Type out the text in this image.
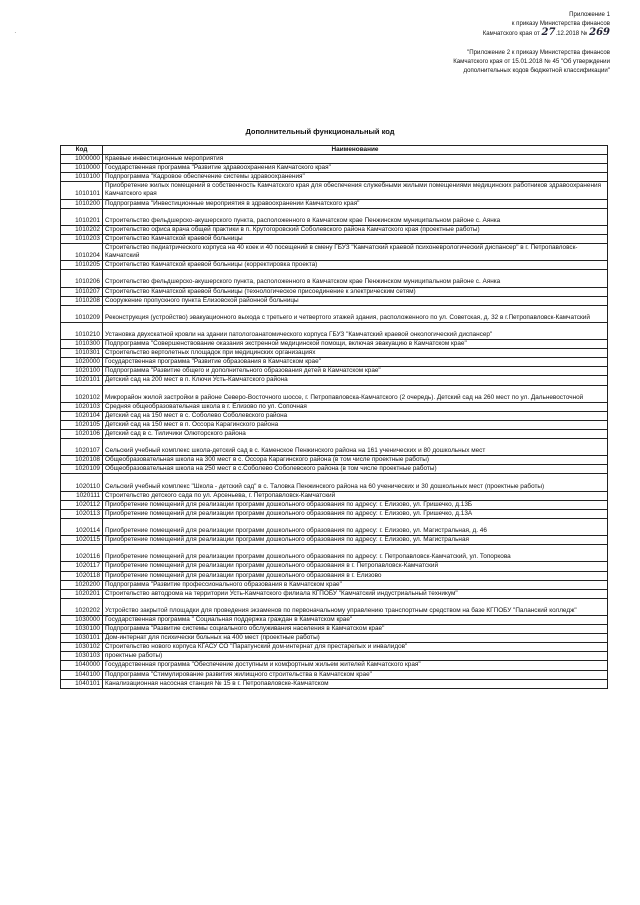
·
Приложение 1
к приказу Министерства финансов
Камчатского края от 27.12.2018 № 269
"Приложение 2 к приказу Министерства финансов
Камчатского края от 15.01.2018 № 45 "Об утверждении
дополнительных кодов бюджетной классификации"
Дополнительный функциональный код
Код	Наименование
1000000	Краевые инвестиционные мероприятия
1010000	Государственная программа "Развитие здравоохранения Камчатского края"
1010100	Подпрограмма "Кадровое обеспечение системы здравоохранения"
1010101	Приобретение жилых помещений в собственность Камчатского края для обеспечения служебными жилыми помещениями медицинских работников здравоохранения Камчатского края
1010200	Подпрограмма "Инвестиционные мероприятия в здравоохранении Камчатского края"
1010201	Строительство фельдшерско-акушерского пункта, расположенного в Камчатском крае Пенжинском муниципальном районе с. Аянка
1010202	Строительство офиса врача общей практики в п. Крутогоровский Соболевского района Камчатского края (проектные работы)
1010203	Строительство Камчатской краевой больницы
1010204	Строительство педиатрического корпуса на 40 коек и 40 посещений в смену ГБУЗ "Камчатский краевой психоневрологический диспансер" в г. Петропавловск-Камчатский
1010205	Строительство Камчатской краевой больницы (корректировка проекта)
1010206	Строительство фельдшерско-акушерского пункта, расположенного в Камчатском крае Пенжинском муниципальном районе с. Аянка
1010207	Строительство Камчатской краевой больницы (технологическое присоединение к электрическим сетям)
1010208	Сооружение пропускного пункта Елизовской районной больницы
1010209	Реконструкция (устройство) эвакуационного выхода с третьего и четвертого этажей здания, расположенного по ул. Советская, д. 32 в г.Петропавловск-Камчатский
1010210	Установка двухскатной кровли на здании патологоанатомического корпуса ГБУЗ "Камчатский краевой онкологический диспансер"
1010300	Подпрограмма "Совершенствование оказания экстренной медицинской помощи, включая эвакуацию в Камчатском крае"
1010301	Строительство вертолетных площадок при медицинских организациях
1020000	Государственная программа "Развитие образования в Камчатском крае"
1020100	Подпрограмма "Развитие общего и дополнительного образования детей в Камчатском крае"
1020101	Детский сад на 200 мест в п. Ключи Усть-Камчатского района
1020102	Микрорайон жилой застройки в районе Северо-Восточного шоссе, г. Петропавловска-Камчатского (2 очередь). Детский сад на 260 мест по ул. Дальневосточной
1020103	Средняя общеобразовательная школа в г. Елизово по ул. Сопочная
1020104	Детский сад на 150 мест в с. Соболево Соболевского района
1020105	Детский сад на 150 мест в п. Оссора Карагинского района
1020106	Детский сад в с. Тиличики Олюторского района
1020107	Сельский учебный комплекс школа-детский сад в с. Каменское Пенжинского района на 161 ученических и 80 дошкольных мест
1020108	Общеобразовательная школа на 300 мест в с. Оссора Карагинского района (в том числе проектные работы)
1020109	Общеобразовательная школа на 250 мест в с.Соболево Соболевского района (в том числе проектные работы)
1020110	Сельский учебный комплекс "Школа - детский сад" в с. Таловка Пенжинского района на 60 ученических и 30 дошкольных мест (проектные работы)
1020111	Строительство детского сада по ул. Арсеньева, г. Петропавловск-Камчатский
1020112	Приобретение помещений для реализации программ дошкольного образования по адресу: г. Елизово, ул. Гришечко, д.13Б
1020113	Приобретение помещений для реализации программ дошкольного образования по адресу: г. Елизово, ул. Гришечко, д.13А
1020114	Приобретение помещений для реализации программ дошкольного образования по адресу: г. Елизово, ул. Магистральная, д. 46
1020115	Приобретение помещений для реализации программ дошкольного образования по адресу: г. Елизово, ул. Магистральная
1020116	Приобретение помещений для реализации программ дошкольного образования по адресу: г. Петропавловск-Камчатский, ул. Топоркова
1020117	Приобретение помещений для реализации программ дошкольного образования в г. Петропавловск-Камчатский
1020118	Приобретение помещений для реализации программ дошкольного образования в г. Елизово
1020200	Подпрограмма "Развитие профессионального образования в Камчатском крае"
1020201	Строительство автодрома на территории Усть-Камчатского филиала КГПОБУ "Камчатский индустриальный техникум"
1020202	Устройство закрытой площадки для проведения экзаменов по первоначальному управлению транспортным средством на базе КГПОБУ "Паланский колледж"
1030000	Государственная программа " Социальная поддержка граждан в Камчатском крае"
1030100	Подпрограмма "Развитие системы социального обслуживания населения в Камчатском крае"
1030101	Дом-интернат для психически больных на 400 мест (проектные работы)
1030102	Строительство нового корпуса КГАСУ СО "Паратунский дом-интернат для престарелых и инвалидов"
1030103	проектные работы)
1040000	Государственная программа "Обеспечение доступным и комфортным жильем жителей Камчатского края"
1040100	Подпрограмма "Стимулирование развития жилищного строительства в Камчатском крае"
1040101	Канализационная насосная станция № 15 в г. Петропавловске-Камчатском
